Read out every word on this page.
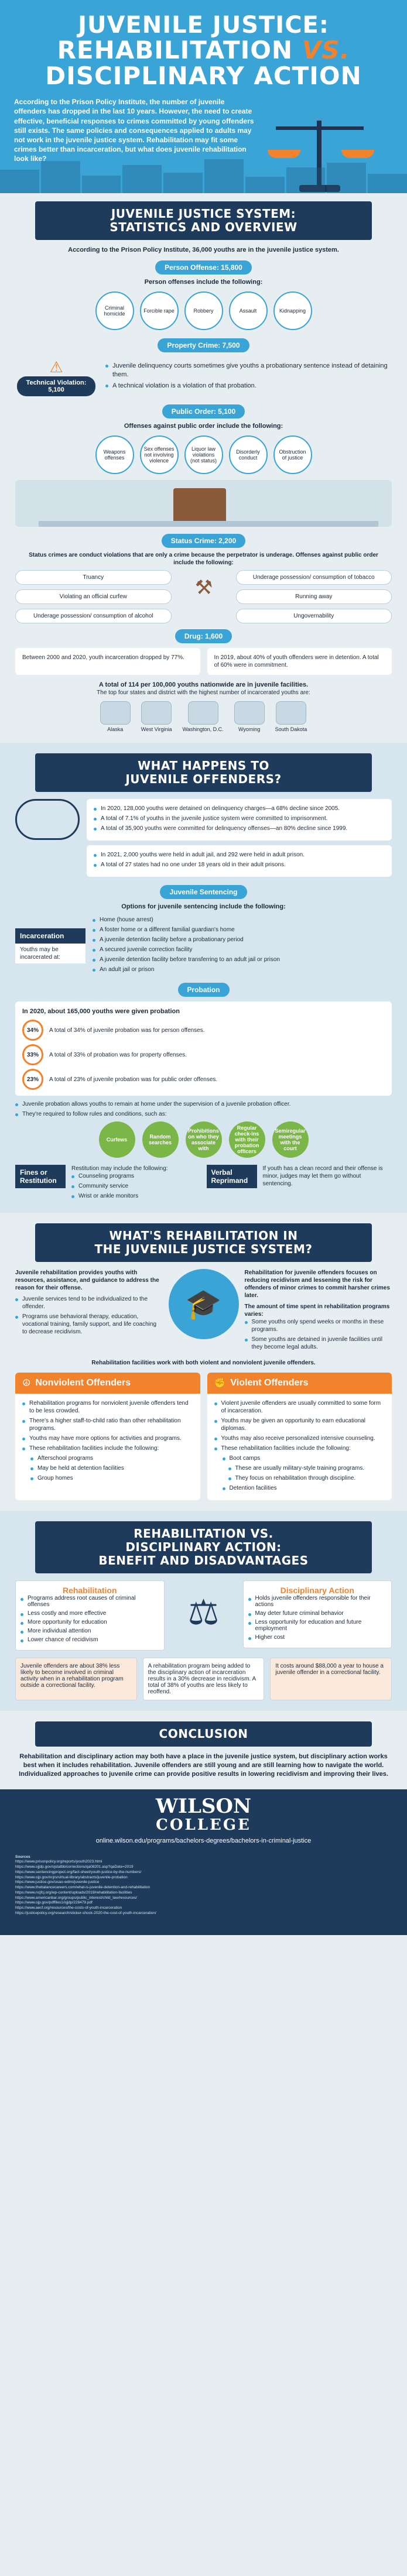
JUVENILE JUSTICE:
REHABILITATION VS.
DISCIPLINARY ACTION

According to the Prison Policy Institute, the number of juvenile offenders has dropped in the last 10 years. However, the need to create effective, beneficial responses to crimes committed by young offenders still exists. The same policies and consequences applied to adults may not work in the juvenile justice system. Rehabilitation may fit some crimes better than incarceration, but what does juvenile rehabilitation look like?

JUVENILE JUSTICE SYSTEM:
STATISTICS AND OVERVIEW

According to the Prison Policy Institute, 36,000 youths are in the juvenile justice system.

Person Offense: 15,800

Person offenses include the following:

Criminal homicide	Forcible rape	Robbery	Assault	Kidnapping
Property Crime: 7,500
⚠
Technical Violation:
5,100
Juvenile delinquency courts sometimes give youths a probationary sentence instead of detaining them.
A technical violation is a violation of that probation.
Public Order: 5,100

Offenses against public order include the following:

Weapons offenses
Sex offenses not involving violence
Liquor law violations (not status)
Disorderly conduct
Obstruction of justice
Status Crime: 2,200

Status crimes are conduct violations that are only a crime because the perpetrator is underage. Offenses against public order include the following:

Truancy	Underage possession/ consumption of tobacco
Violating an official curfew	Running away
Underage possession/ consumption of alcohol	Ungovernability
⚒
Drug: 1,600
Between 2000 and 2020, youth incarceration dropped by 77%.	In 2019, about 40% of youth offenders were in detention. A total of 60% were in commitment.

A total of 114 per 100,000 youths nationwide are in juvenile facilities.

The top four states and district with the highest number of incarcerated youths are:

Alaska	West Virginia Washington, D.C.	Wyoming	South Dakota
WHAT HAPPENS TO
JUVENILE OFFENDERS?
In 2020, 128,000 youths were detained on delinquency charges—a 68% decline since 2005.
A total of 7.1% of youths in the juvenile justice system were committed to imprisonment.
A total of 35,900 youths were committed for delinquency offenses—an 80% decline since 1999.
In 2021, 2,000 youths were held in adult jail, and 292 were held in adult prison.
A total of 27 states had no one under 18 years old in their adult prisons.
Juvenile Sentencing

Options for juvenile sentencing include the following:

Incarceration
Youths may be incarcerated at:
Home (house arrest)
A foster home or a different familial guardian's home
A juvenile detention facility before a probationary period
A secured juvenile correction facility
A juvenile detention facility before transferring to an adult jail or prison
An adult jail or prison
Probation

In 2020, about 165,000 youths were given probation

34%	A total of 34% of juvenile probation was for person offenses.
33%	A total of 33% of probation was for property offenses.
23%	A total of 23% of juvenile probation was for public order offenses.
Juvenile probation allows youths to remain at home under the supervision of a juvenile probation officer.
They're required to follow rules and conditions, such as:
Curfews	Random searches
Prohibitions on who they associate with
Regular check-ins with their probation officers
Semiregular meetings with the court
Fines or Restitution
Restitution may include the following:
Counseling programs
Community service
Wrist or ankle monitors
Verbal Reprimand
If youth has a clean record and their offense is minor, judges may let them go without sentencing.
WHAT'S REHABILITATION IN
THE JUVENILE JUSTICE SYSTEM?

Juvenile rehabilitation provides youths with resources, assistance, and guidance to address the reason for their offense.

Juvenile services tend to be individualized to the offender.
Programs use behavioral therapy, education, vocational training, family support, and life coaching to decrease recidivism.
🎓

Rehabilitation for juvenile offenders focuses on reducing recidivism and lessening the risk for offenders of minor crimes to commit harsher crimes later.

The amount of time spent in rehabilitation programs varies:

Some youths only spend weeks or months in these programs.
Some youths are detained in juvenile facilities until they become legal adults.

Rehabilitation facilities work with both violent and nonviolent juvenile offenders.

☮ Nonviolent Offenders
Rehabilitation programs for nonviolent juvenile offenders tend to be less crowded.
There's a higher staff-to-child ratio than other rehabilitation programs.
Youths may have more options for activities and programs.
These rehabilitation facilities include the following:
Afterschool programs
May be held at detention facilities
Group homes
✊ Violent Offenders
Violent juvenile offenders are usually committed to some form of incarceration.
Youths may be given an opportunity to earn educational diplomas.
Youths may also receive personalized intensive counseling.
These rehabilitation facilities include the following:
Boot camps
These are usually military-style training programs.
They focus on rehabilitation through discipline.
Detention facilities
REHABILITATION VS.
DISCIPLINARY ACTION:
BENEFIT AND DISADVANTAGES
Rehabilitation
Programs address root causes of criminal offenses
Less costly and more effective
More opportunity for education
More individual attention
Lower chance of recidivism
⚖
Disciplinary Action
Holds juvenile offenders responsible for their actions
May deter future criminal behavior
Less opportunity for education and future employment
Higher cost
Juvenile offenders are about 38% less likely to become involved in criminal activity when in a rehabilitation program outside a correctional facility.
A rehabilitation program being added to the disciplinary action of incarceration results in a 30% decrease in recidivism. A total of 38% of youths are less likely to reoffend.
It costs around $88,000 a year to house a juvenile offender in a correctional facility.
CONCLUSION

Rehabilitation and disciplinary action may both have a place in the juvenile justice system, but disciplinary action works best when it includes rehabilitation. Juvenile offenders are still young and are still learning how to navigate the world. Individualized approaches to juvenile crime can provide positive results in lowering recidivism and improving their lives.

WILSON
COLLEGE
online.wilson.edu/programs/bachelors-degrees/bachelors-in-criminal-justice
Sources
https://www.prisonpolicy.org/reports/youth2023.html
https://www.ojjdp.gov/ojstatbb/corrections/qa08201.asp?qaDate=2019
https://www.sentencingproject.org/fact-sheet/youth-justice-by-the-numbers/
https://www.ojp.gov/ncjrs/virtual-library/abstracts/juvenile-probation
https://www.justice.gov/usao-wdmi/juvenile-justice
https://www.thebalancecareers.com/what-is-juvenile-detention-and-rehabilitation
https://www.ncjfcj.org/wp-content/uploads/2019/rehabilitation-facilities
https://www.americanbar.org/groups/public_interest/child_law/resources/
https://www.ojp.gov/pdffiles1/ojjdp/228479.pdf
https://www.aecf.org/resources/the-costs-of-youth-incarceration
https://justicepolicy.org/research/sticker-shock-2020-the-cost-of-youth-incarceration/
